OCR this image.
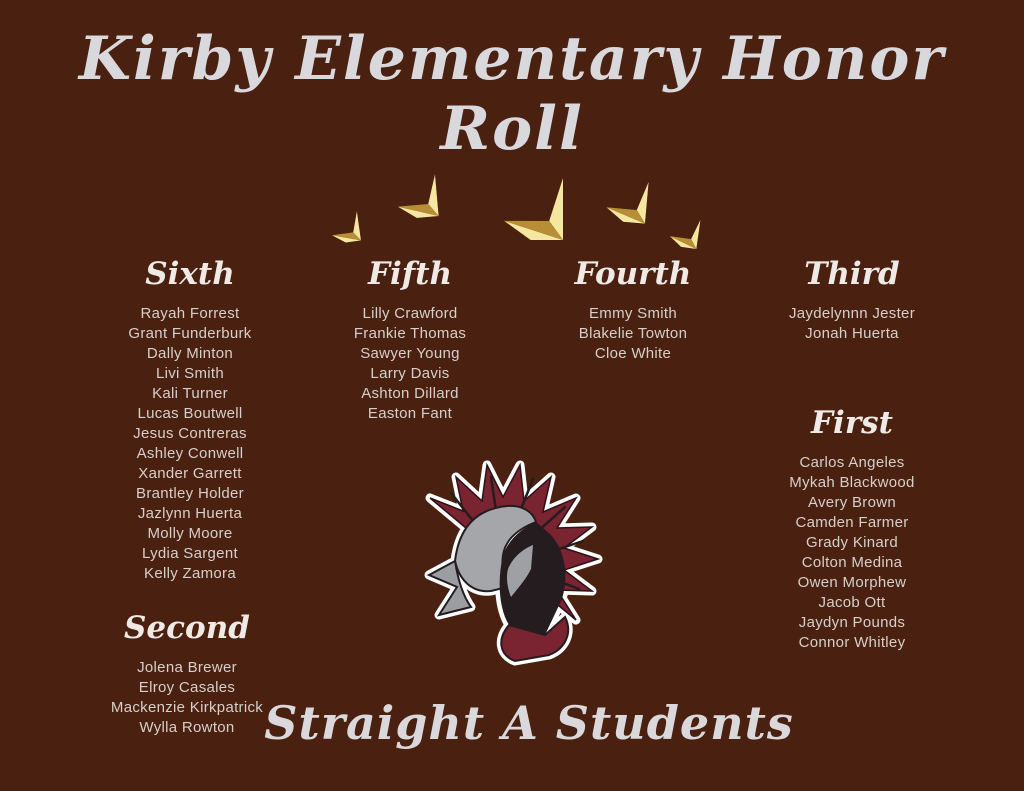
Kirby Elementary Honor Roll
Sixth
Rayah Forrest
Grant Funderburk
Dally Minton
Livi Smith
Kali Turner
Lucas Boutwell
Jesus Contreras
Ashley Conwell
Xander Garrett
Brantley Holder
Jazlynn Huerta
Molly Moore
Lydia Sargent
Kelly Zamora
Fifth
Lilly Crawford
Frankie Thomas
Sawyer Young
Larry Davis
Ashton Dillard
Easton Fant
Fourth
Emmy Smith
Blakelie Towton
Cloe White
Third
Jaydelynnn Jester
Jonah Huerta
First
Carlos Angeles
Mykah Blackwood
Avery Brown
Camden Farmer
Grady Kinard
Colton Medina
Owen Morphew
Jacob Ott
Jaydyn Pounds
Connor Whitley
Second
Jolena Brewer
Elroy Casales
Mackenzie Kirkpatrick
Wylla Rowton Straight A Students
